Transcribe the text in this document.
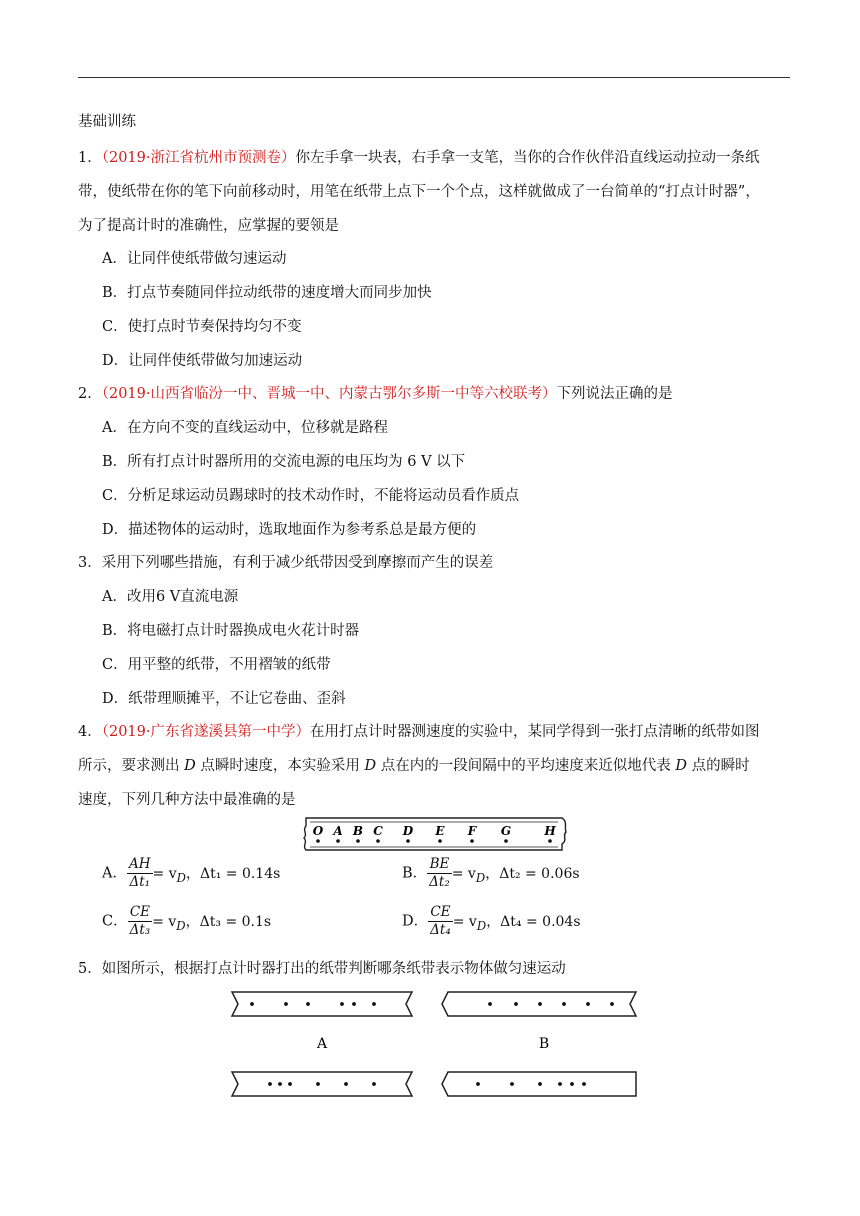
基础训练
1．（2019·浙江省杭州市预测卷）你左手拿一块表，右手拿一支笔，当你的合作伙伴沿直线运动拉动一条纸
带，使纸带在你的笔下向前移动时，用笔在纸带上点下一个个点，这样就做成了一台简单的“打点计时器”，
为了提高计时的准确性，应掌握的要领是
A．让同伴使纸带做匀速运动
B．打点节奏随同伴拉动纸带的速度增大而同步加快
C．使打点时节奏保持均匀不变
D．让同伴使纸带做匀加速运动
2．（2019·山西省临汾一中、晋城一中、内蒙古鄂尔多斯一中等六校联考）下列说法正确的是
A．在方向不变的直线运动中，位移就是路程
B．所有打点计时器所用的交流电源的电压均为 6 V 以下
C．分析足球运动员踢球时的技术动作时，不能将运动员看作质点
D．描述物体的运动时，选取地面作为参考系总是最方便的
3．采用下列哪些措施，有利于减少纸带因受到摩擦而产生的误差
A．改用6 V直流电源
B．将电磁打点计时器换成电火花计时器
C．用平整的纸带，不用褶皱的纸带
D．纸带理顺摊平，不让它卷曲、歪斜
4．（2019·广东省遂溪县第一中学）在用打点计时器测速度的实验中，某同学得到一张打点清晰的纸带如图
所示，要求测出 D 点瞬时速度，本实验采用 D 点在内的一段间隔中的平均速度来近似地代表 D 点的瞬时
速度，下列几种方法中最准确的是
O A B C D E F G	H
A． $\frac{AH}{\text{Δt₁}} = v_D$，Δt₁ = 0.14s	B． $\frac{BE}{\text{Δt₂}} = v_D$，Δt₂ = 0.06s
C． $\frac{CE}{\text{Δt₃}} = v_D$，Δt₃ = 0.1s	D． $\frac{CE}{\text{Δt₄}} = v_D$，Δt₄ = 0.04s
5．如图所示，根据打点计时器打出的纸带判断哪条纸带表示物体做匀速运动
A	B
